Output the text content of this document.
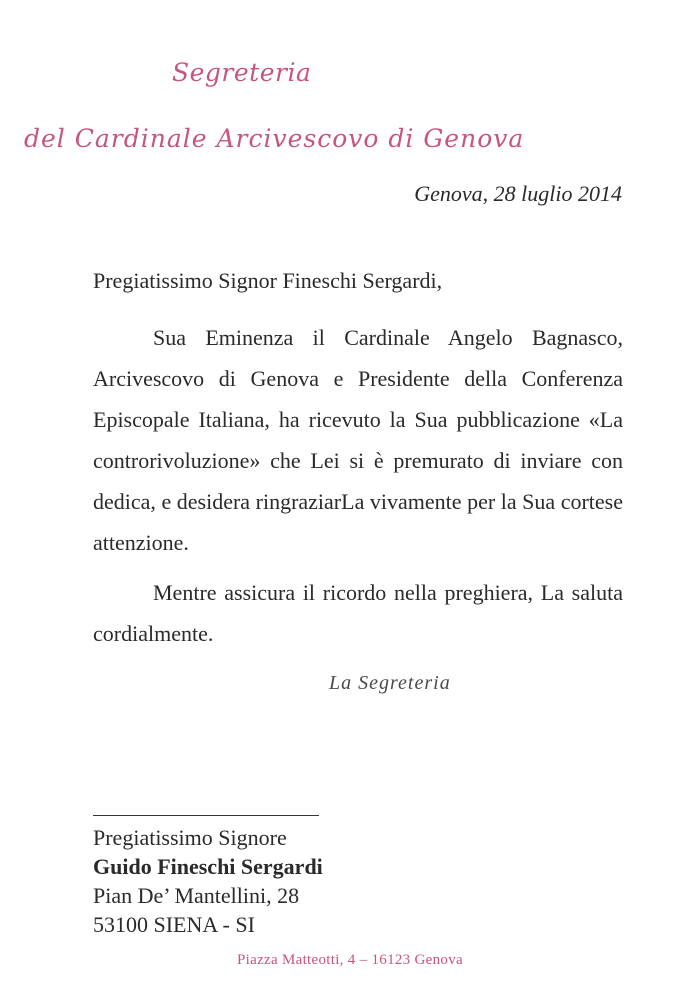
Segreteria
del Cardinale Arcivescovo di Genova
Genova, 28 luglio 2014
Pregiatissimo Signor Fineschi Sergardi,
Sua Eminenza il Cardinale Angelo Bagnasco, Arcivescovo di Genova e Presidente della Conferenza Episcopale Italiana, ha ricevuto la Sua pubblicazione «La controrivoluzione» che Lei si è premurato di inviare con dedica, e desidera ringraziarLa vivamente per la Sua cortese attenzione.
Mentre assicura il ricordo nella preghiera, La saluta cordialmente.
La Segreteria
Pregiatissimo Signore
Guido Fineschi Sergardi
Pian De’ Mantellini, 28
53100 SIENA - SI
Piazza Matteotti, 4 – 16123 Genova
